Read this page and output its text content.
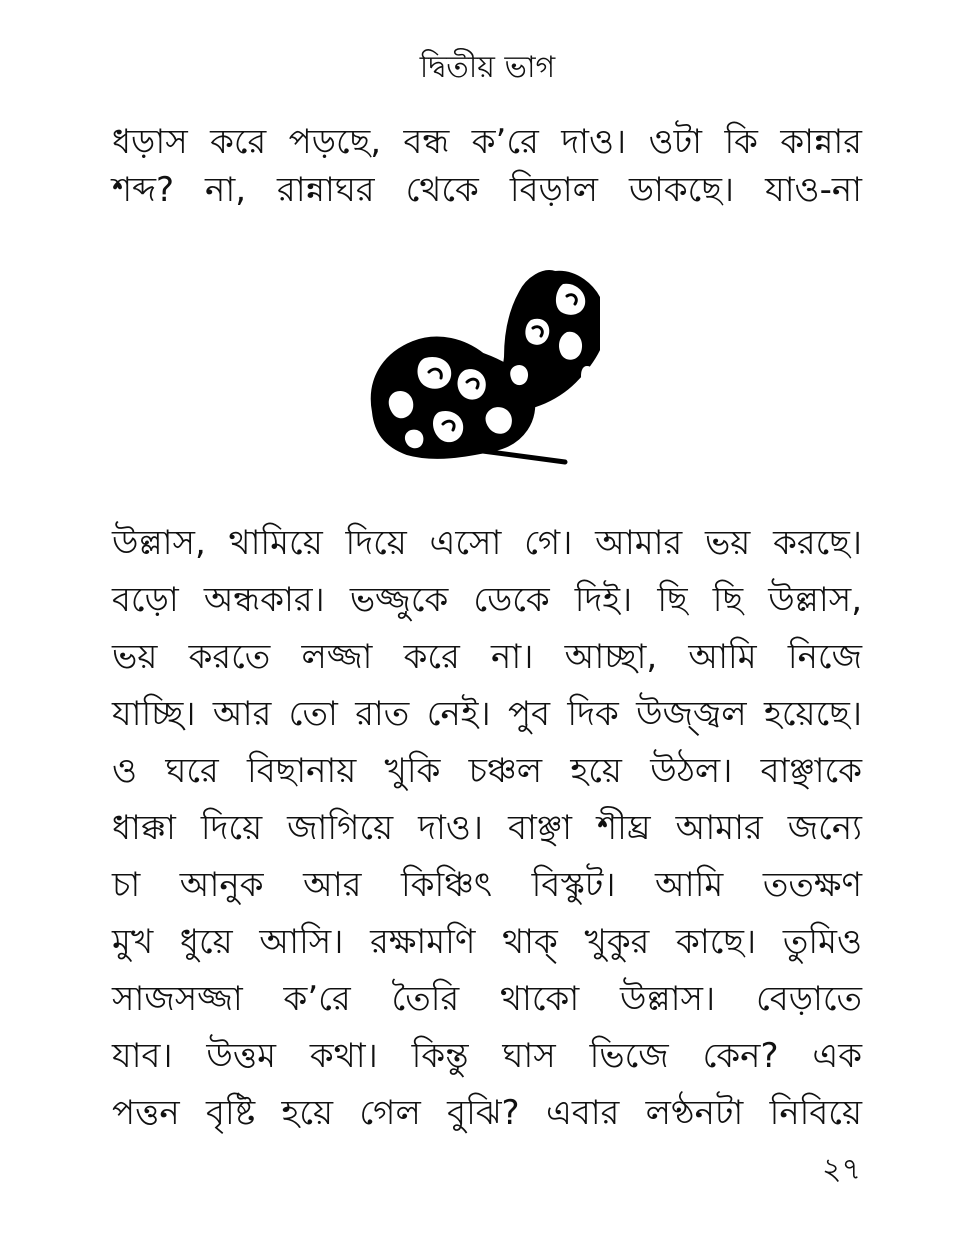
দ্বিতীয় ভাগ
ধড়াস করে পড়ছে, বন্ধ ক’রে দাও। ওটা কি কান্নার
শব্দ? না, রান্নাঘর থেকে বিড়াল ডাকছে। যাও-না
উল্লাস, থামিয়ে দিয়ে এসো গে। আমার ভয় করছে।
বড়ো অন্ধকার। ভজ্জুকে ডেকে দিই। ছি ছি উল্লাস,
ভয় করতে লজ্জা করে না। আচ্ছা, আমি নিজে
যাচ্ছি। আর তো রাত নেই। পুব দিক উজ্জ্বল হয়েছে।
ও ঘরে বিছানায় খুকি চঞ্চল হয়ে উঠল। বাঞ্ছাকে
ধাক্কা দিয়ে জাগিয়ে দাও। বাঞ্ছা শীঘ্র আমার জন্যে
চা আনুক আর কিঞ্চিৎ বিস্কুট। আমি ততক্ষণ
মুখ ধুয়ে আসি। রক্ষামণি থাক্ খুকুর কাছে। তুমিও
সাজসজ্জা ক’রে তৈরি থাকো উল্লাস। বেড়াতে
যাব। উত্তম কথা। কিন্তু ঘাস ভিজে কেন? এক
পত্তন বৃষ্টি হয়ে গেল বুঝি? এবার লণ্ঠনটা নিবিয়ে
২৭
